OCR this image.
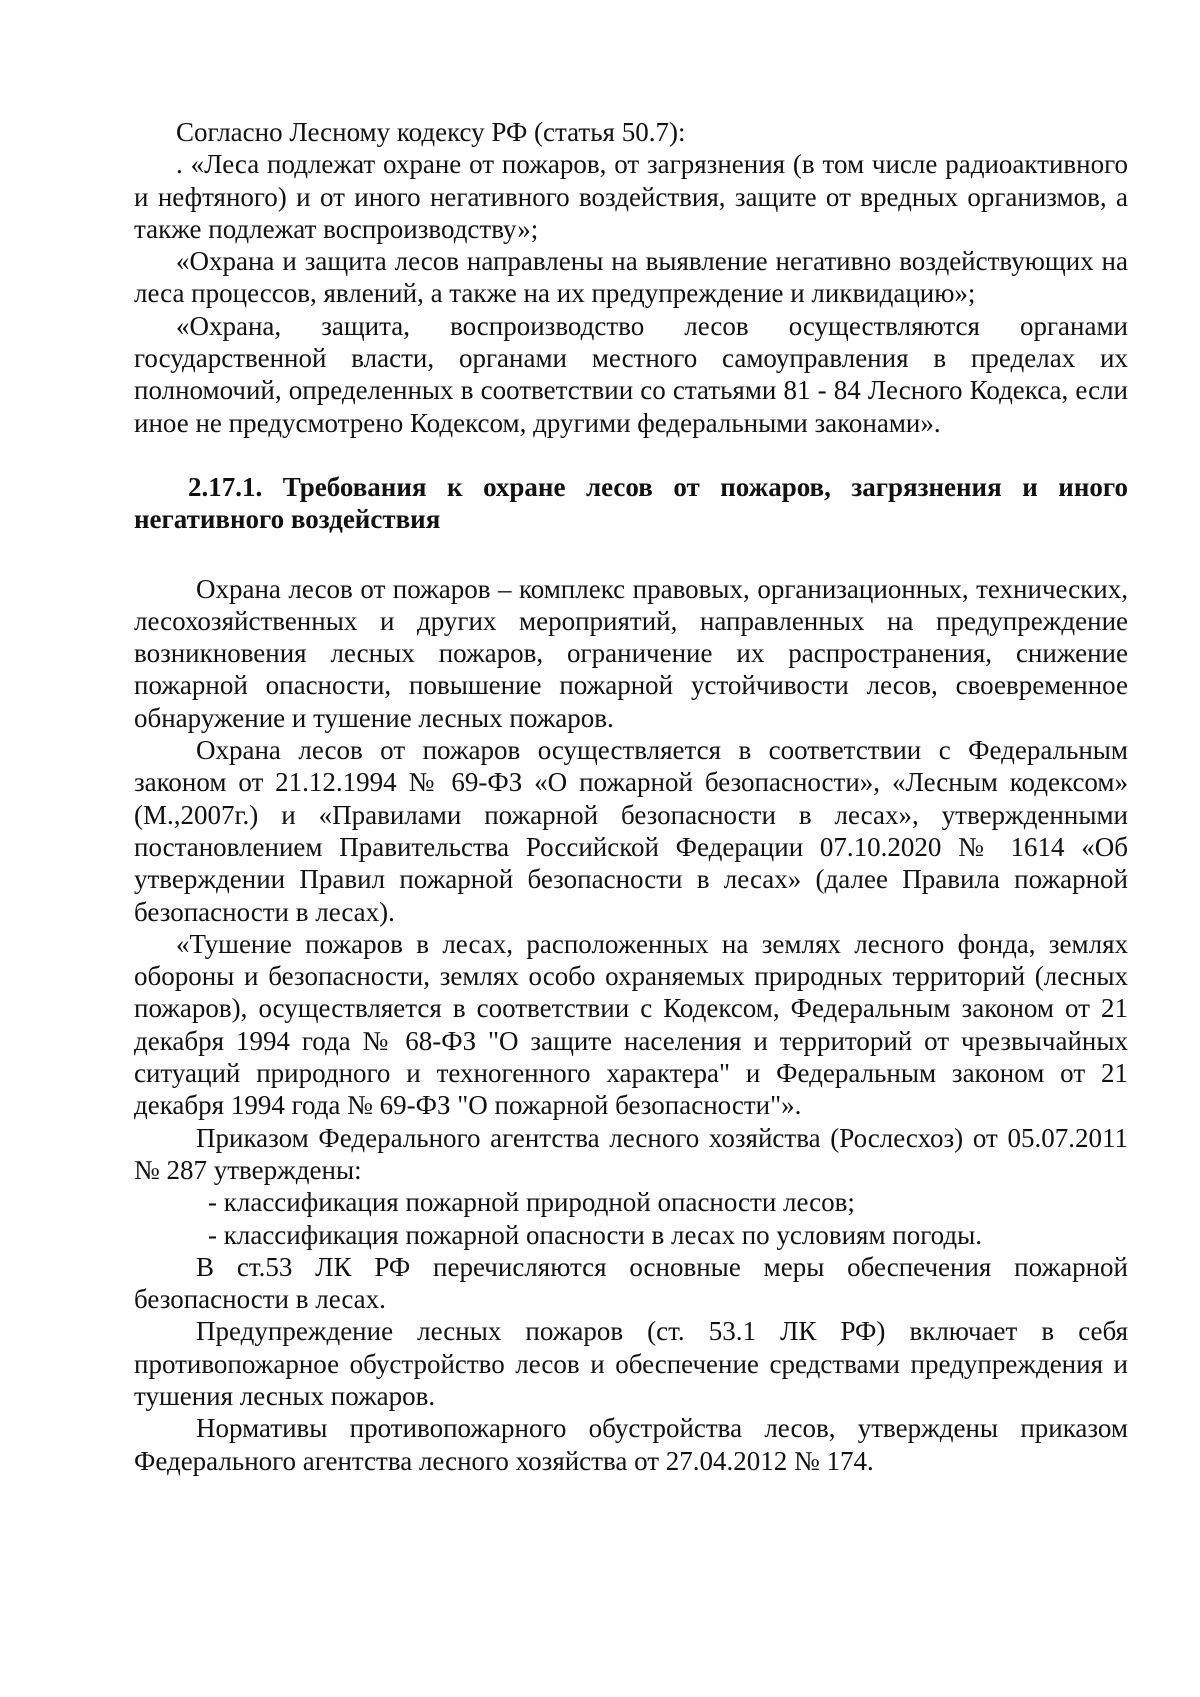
Согласно Лесному кодексу РФ (статья 50.7):

. «Леса подлежат охране от пожаров, от загрязнения (в том числе радиоактивного и нефтяного) и от иного негативного воздействия, защите от вредных организмов, а также подлежат воспроизводству»;

«Охрана и защита лесов направлены на выявление негативно воздействующих на леса процессов, явлений, а также на их предупреждение и ликвидацию»;

«Охрана, защита, воспроизводство лесов осуществляются органами государственной власти, органами местного самоуправления в пределах их полномочий, определенных в соответствии со статьями 81 - 84 Лесного Кодекса, если иное не предусмотрено Кодексом, другими федеральными законами».

2.17.1. Требования к охране лесов от пожаров, загрязнения и иного негативного воздействия

Охрана лесов от пожаров – комплекс правовых, организационных, технических, лесохозяйственных и других мероприятий, направленных на предупреждение возникновения лесных пожаров, ограничение их распространения, снижение пожарной опасности, повышение пожарной устойчивости лесов, своевременное обнаружение и тушение лесных пожаров.

Охрана лесов от пожаров осуществляется в соответствии с Федеральным законом от 21.12.1994 № 69-ФЗ «О пожарной безопасности», «Лесным кодексом» (М.,2007г.) и «Правилами пожарной безопасности в лесах», утвержденными постановлением Правительства Российской Федерации 07.10.2020 № 1614 «Об утверждении Правил пожарной безопасности в лесах» (далее Правила пожарной безопасности в лесах).

«Тушение пожаров в лесах, расположенных на землях лесного фонда, землях обороны и безопасности, землях особо охраняемых природных территорий (лесных пожаров), осуществляется в соответствии с Кодексом, Федеральным законом от 21 декабря 1994 года № 68-ФЗ "О защите населения и территорий от чрезвычайных ситуаций природного и техногенного характера" и Федеральным законом от 21 декабря 1994 года № 69-ФЗ "О пожарной безопасности"».

Приказом Федерального агентства лесного хозяйства (Рослесхоз) от 05.07.2011 № 287 утверждены:

- классификация пожарной природной опасности лесов;

- классификация пожарной опасности в лесах по условиям погоды.

В ст.53 ЛК РФ перечисляются основные меры обеспечения пожарной безопасности в лесах.

Предупреждение лесных пожаров (ст. 53.1 ЛК РФ) включает в себя противопожарное обустройство лесов и обеспечение средствами предупреждения и тушения лесных пожаров.

Нормативы противопожарного обустройства лесов, утверждены приказом Федерального агентства лесного хозяйства от 27.04.2012 № 174.
